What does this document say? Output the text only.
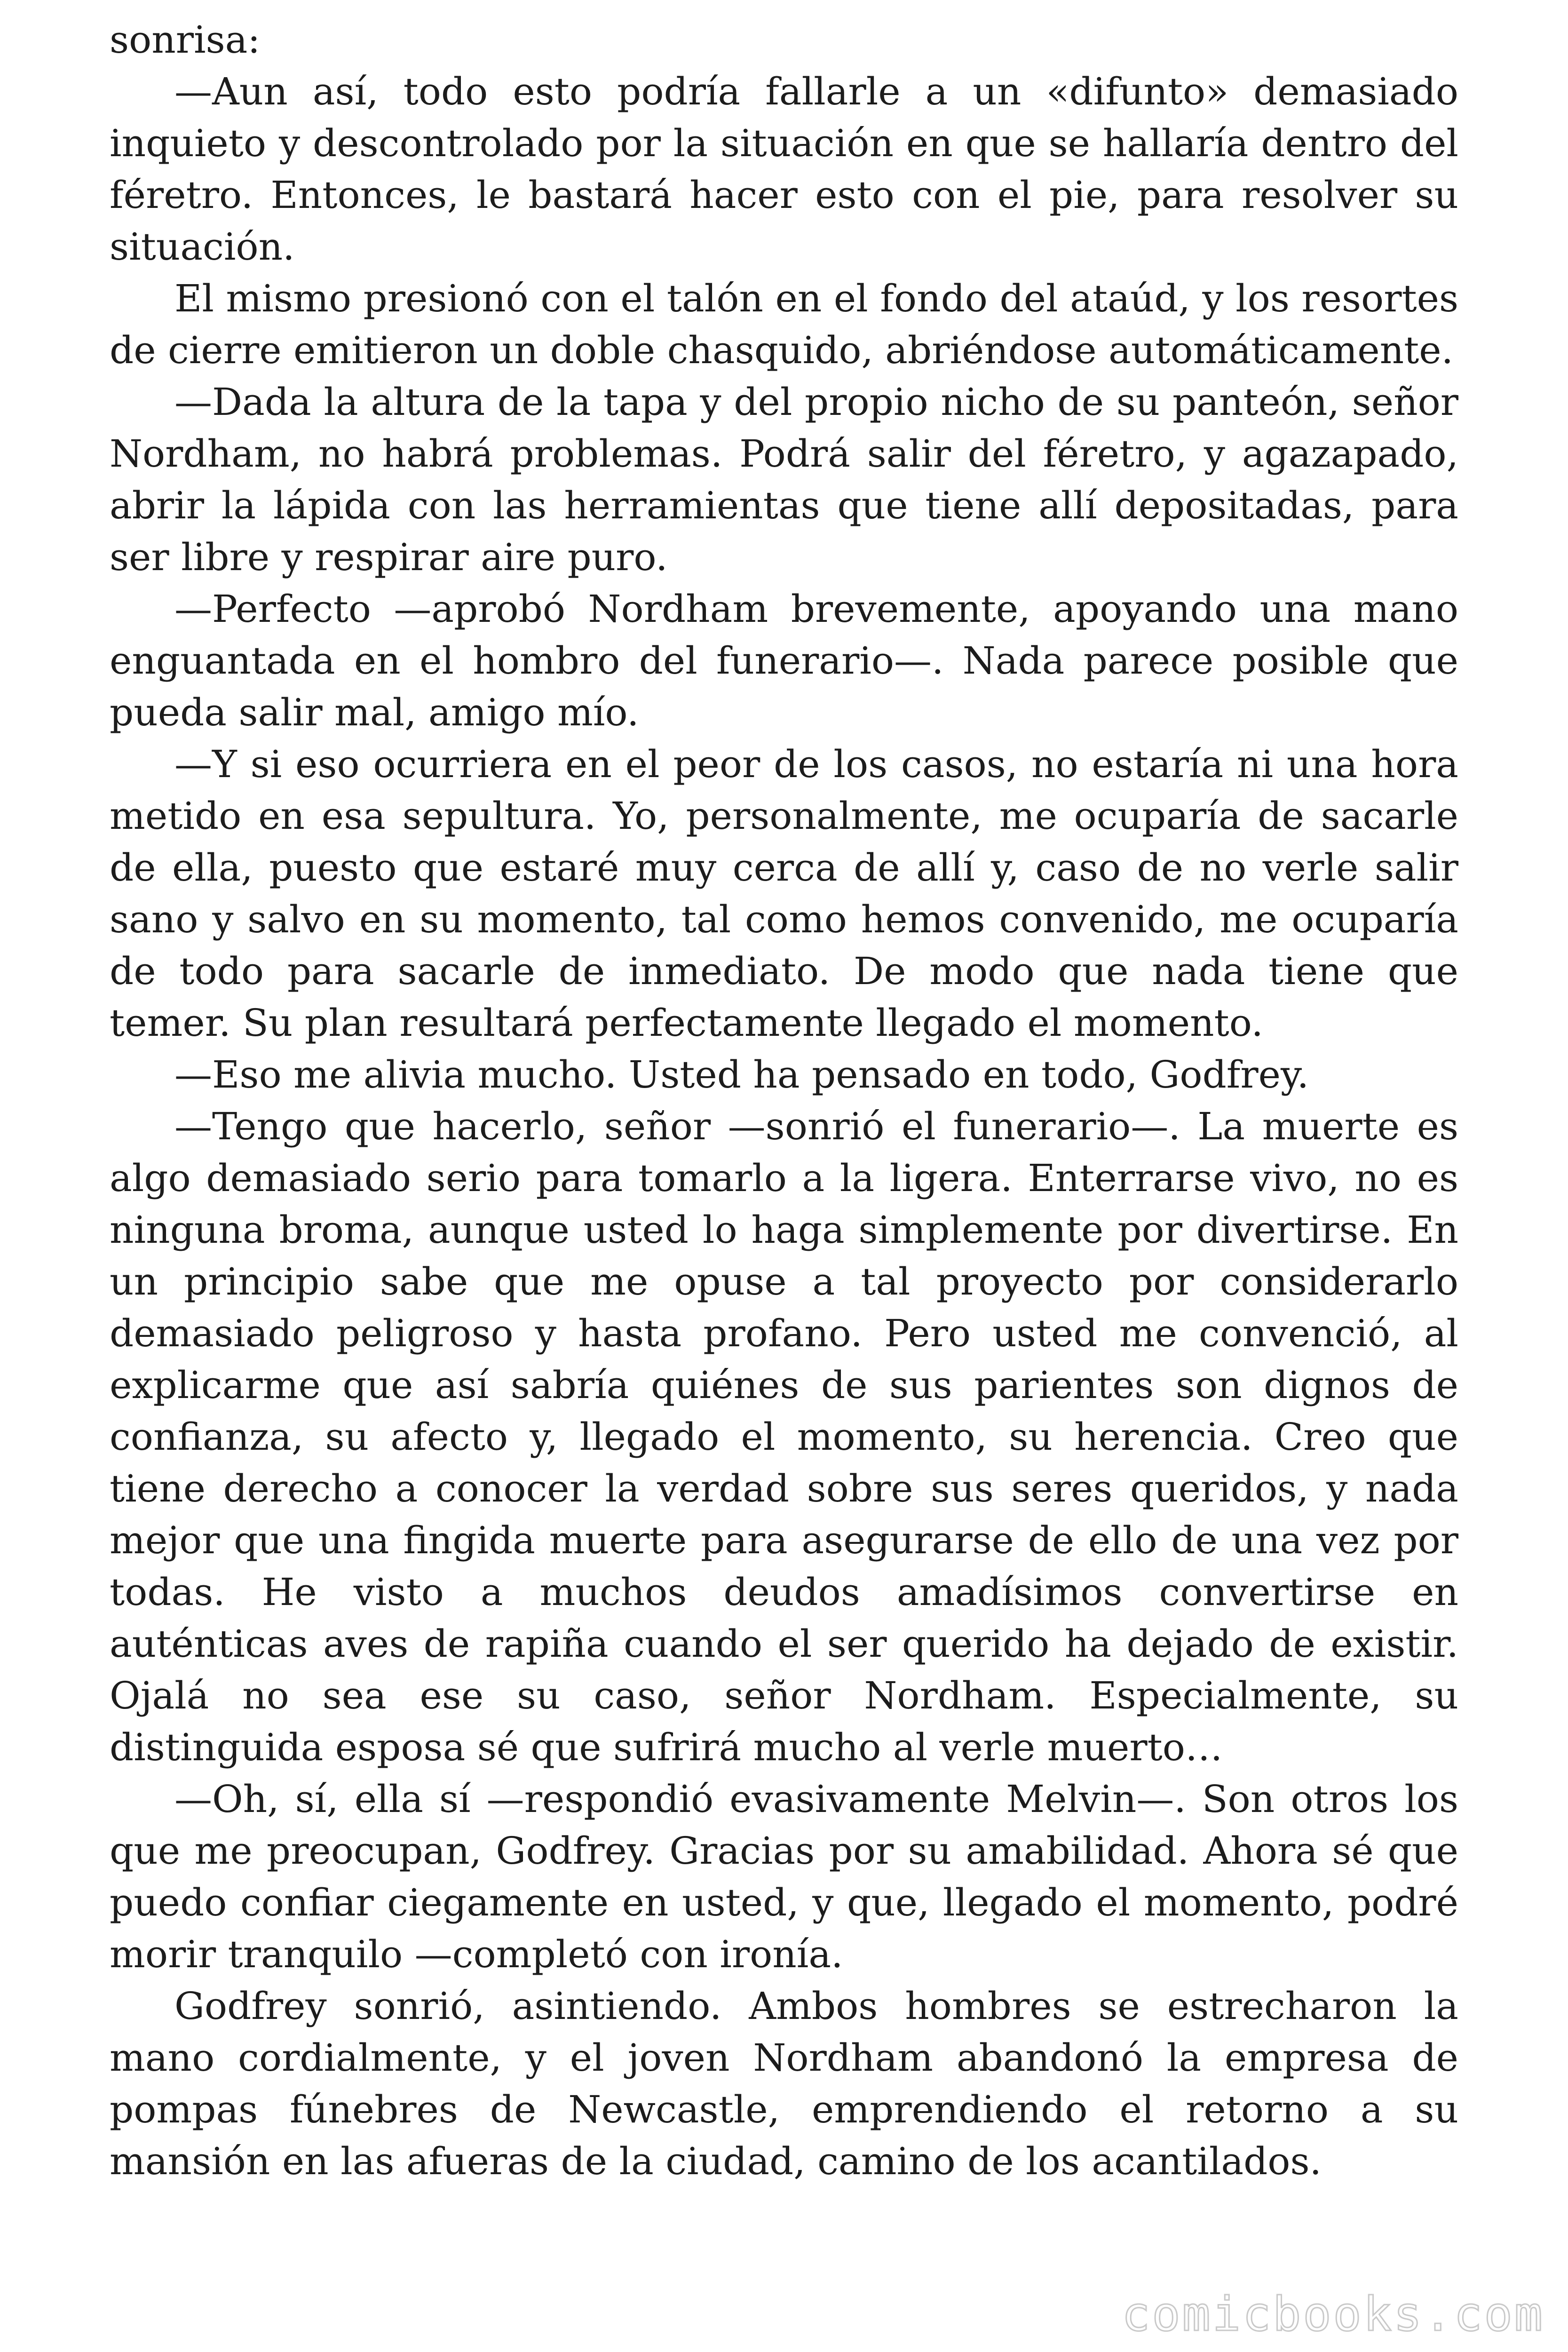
sonrisa:

—Aun así, todo esto podría fallarle a un «difunto» demasiado inquieto y descontrolado por la situación en que se hallaría dentro del féretro. Entonces, le bastará hacer esto con el pie, para resolver su situación.

El mismo presionó con el talón en el fondo del ataúd, y los resortes de cierre emitieron un doble chasquido, abriéndose automáticamente.

—Dada la altura de la tapa y del propio nicho de su panteón, señor Nordham, no habrá problemas. Podrá salir del féretro, y agazapado, abrir la lápida con las herramientas que tiene allí depositadas, para ser libre y respirar aire puro.

—Perfecto —aprobó Nordham brevemente, apoyando una mano enguantada en el hombro del funerario—. Nada parece posible que pueda salir mal, amigo mío.

—Y si eso ocurriera en el peor de los casos, no estaría ni una hora metido en esa sepultura. Yo, personalmente, me ocuparía de sacarle de ella, puesto que estaré muy cerca de allí y, caso de no verle salir sano y salvo en su momento, tal como hemos convenido, me ocuparía de todo para sacarle de inmediato. De modo que nada tiene que temer. Su plan resultará perfectamente llegado el momento.

—Eso me alivia mucho. Usted ha pensado en todo, Godfrey.

—Tengo que hacerlo, señor —sonrió el funerario—. La muerte es algo demasiado serio para tomarlo a la ligera. Enterrarse vivo, no es ninguna broma, aunque usted lo haga simplemente por divertirse. En un principio sabe que me opuse a tal proyecto por considerarlo demasiado peligroso y hasta profano. Pero usted me convenció, al explicarme que así sabría quiénes de sus parientes son dignos de confianza, su afecto y, llegado el momento, su herencia. Creo que tiene derecho a conocer la verdad sobre sus seres queridos, y nada mejor que una fingida muerte para asegurarse de ello de una vez por todas. He visto a muchos deudos amadísimos convertirse en auténticas aves de rapiña cuando el ser querido ha dejado de existir. Ojalá no sea ese su caso, señor Nordham. Especialmente, su distinguida esposa sé que sufrirá mucho al verle muerto…

—Oh, sí, ella sí —respondió evasivamente Melvin—. Son otros los que me preocupan, Godfrey. Gracias por su amabilidad. Ahora sé que puedo confiar ciegamente en usted, y que, llegado el momento, podré morir tranquilo —completó con ironía.

Godfrey sonrió, asintiendo. Ambos hombres se estrecharon la mano cordialmente, y el joven Nordham abandonó la empresa de pompas fúnebres de Newcastle, emprendiendo el retorno a su mansión en las afueras de la ciudad, camino de los acantilados.

comicbooks.com
